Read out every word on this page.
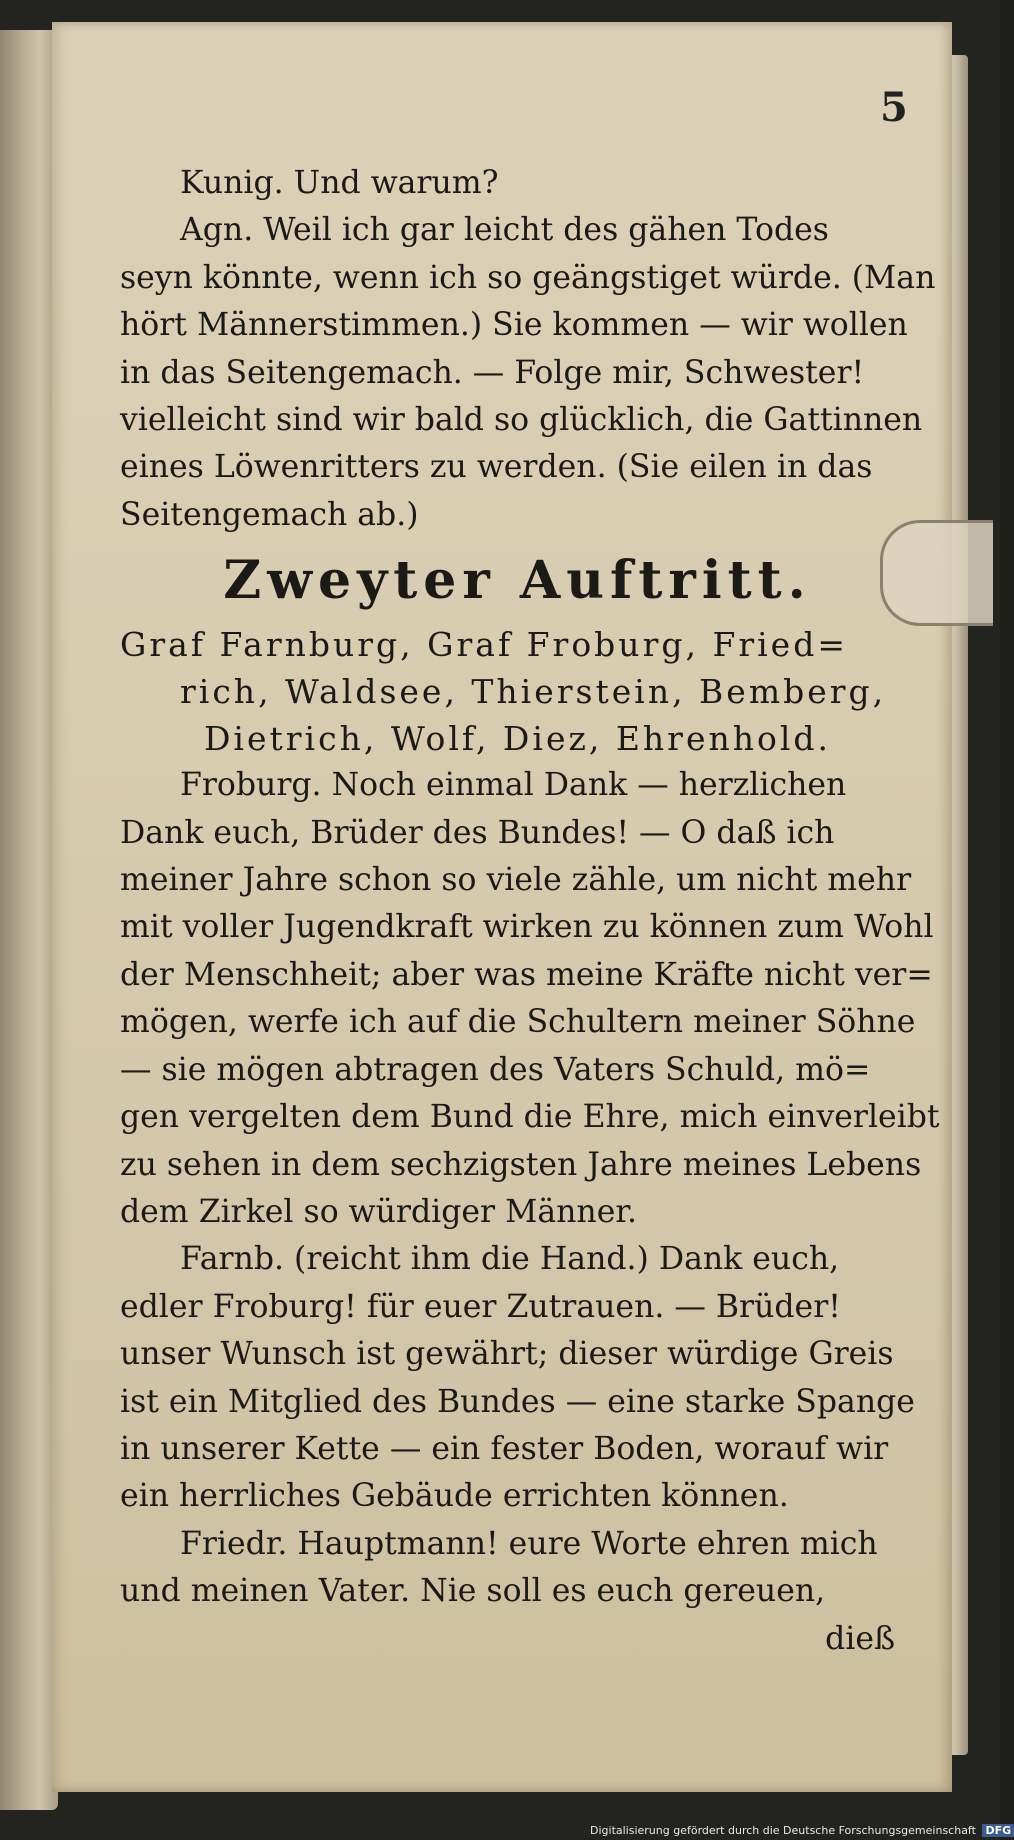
5
Kunig. Und warum?
Agn. Weil ich gar leicht des gähen Todes
seyn könnte, wenn ich so geängstiget würde. (Man
hört Männerstimmen.) Sie kommen — wir wollen
in das Seitengemach. — Folge mir, Schwester!
vielleicht sind wir bald so glücklich, die Gattinnen
eines Löwenritters zu werden. (Sie eilen in das
Seitengemach ab.)
Zweyter Auftritt.
Graf Farnburg, Graf Froburg, Fried=
rich, Waldsee, Thierstein, Bemberg,
Dietrich, Wolf, Diez, Ehrenhold.
Froburg. Noch einmal Dank — herzlichen
Dank euch, Brüder des Bundes! — O daß ich
meiner Jahre schon so viele zähle, um nicht mehr
mit voller Jugendkraft wirken zu können zum Wohl
der Menschheit; aber was meine Kräfte nicht ver=
mögen, werfe ich auf die Schultern meiner Söhne
— sie mögen abtragen des Vaters Schuld, mö=
gen vergelten dem Bund die Ehre, mich einverleibt
zu sehen in dem sechzigsten Jahre meines Lebens
dem Zirkel so würdiger Männer.
Farnb. (reicht ihm die Hand.) Dank euch,
edler Froburg! für euer Zutrauen. — Brüder!
unser Wunsch ist gewährt; dieser würdige Greis
ist ein Mitglied des Bundes — eine starke Spange
in unserer Kette — ein fester Boden, worauf wir
ein herrliches Gebäude errichten können.
Friedr. Hauptmann! eure Worte ehren mich
und meinen Vater. Nie soll es euch gereuen,
dieß
Digitalisierung gefördert durch die Deutsche Forschungsgemeinschaft DFG
